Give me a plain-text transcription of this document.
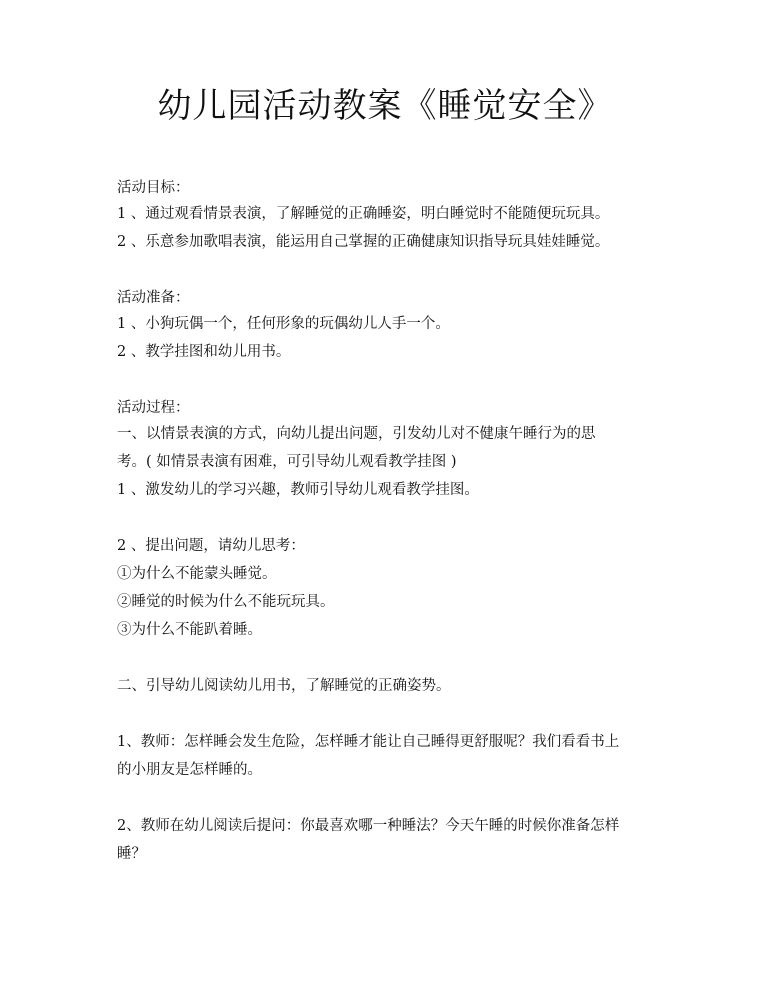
幼儿园活动教案《睡觉安全》

活动目标：

1 、通过观看情景表演，了解睡觉的正确睡姿，明白睡觉时不能随便玩玩具。

2 、乐意参加歌唱表演，能运用自己掌握的正确健康知识指导玩具娃娃睡觉。

活动准备：

1 、小狗玩偶一个，任何形象的玩偶幼儿人手一个。

2 、教学挂图和幼儿用书。

活动过程：

一、以情景表演的方式，向幼儿提出问题，引发幼儿对不健康午睡行为的思

考。( 如情景表演有困难，可引导幼儿观看教学挂图 )

1 、激发幼儿的学习兴趣，教师引导幼儿观看教学挂图。

2 、提出问题，请幼儿思考：

①为什么不能蒙头睡觉。

②睡觉的时候为什么不能玩玩具。

③为什么不能趴着睡。

二、引导幼儿阅读幼儿用书，了解睡觉的正确姿势。

1、教师：怎样睡会发生危险，怎样睡才能让自己睡得更舒服呢？我们看看书上

的小朋友是怎样睡的。

2、教师在幼儿阅读后提问：你最喜欢哪一种睡法？今天午睡的时候你准备怎样

睡？
